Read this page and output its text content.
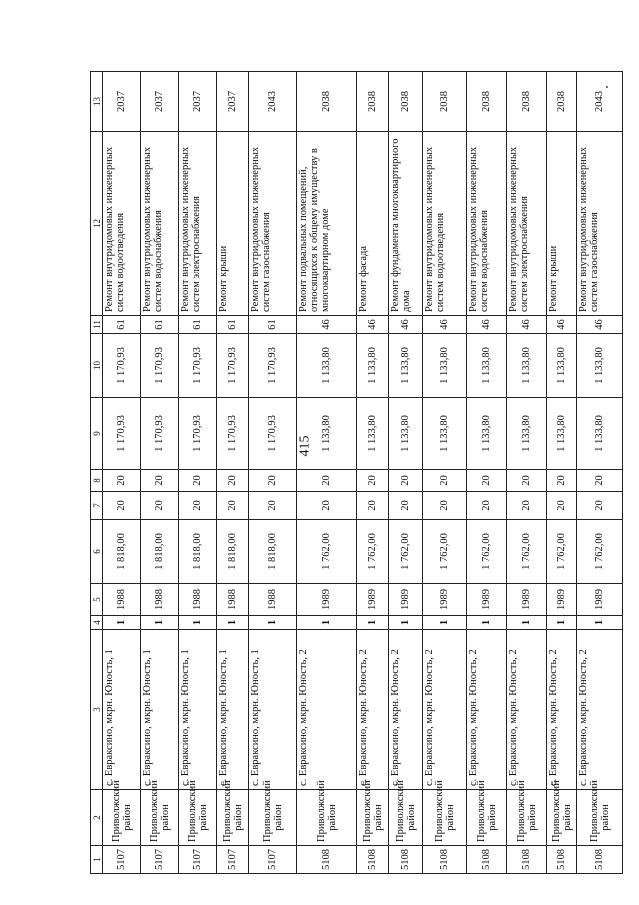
415
1	2	3	4	5	6	7	8	9	10	11	12	13
5107	Приволжский район	с. Евраксино, мкрн. Юность, 1	1	1988	1 818,00	20	20	1 170,93	1 170,93	61	Ремонт внутридомовых инженерных систем водоотведения	2037
5107	Приволжский район	с. Евраксино, мкрн. Юность, 1	1	1988	1 818,00	20	20	1 170,93	1 170,93	61	Ремонт внутридомовых инженерных систем водоснабжения	2037
5107	Приволжский район	с. Евраксино, мкрн. Юность, 1	1	1988	1 818,00	20	20	1 170,93	1 170,93	61	Ремонт внутридомовых инженерных систем электроснабжения	2037
5107	Приволжский район	с. Евраксино, мкрн. Юность, 1	1	1988	1 818,00	20	20	1 170,93	1 170,93	61	Ремонт крыши	2037
5107	Приволжский район	с. Евраксино, мкрн. Юность, 1	1	1988	1 818,00	20	20	1 170,93	1 170,93	61	Ремонт внутридомовых инженерных систем газоснабжения	2043
5108	Приволжский район	с. Евраксино, мкрн. Юность, 2	1	1989	1 762,00	20	20	1 133,80	1 133,80	46	Ремонт подвальных помещений, относящихся к общему имуществу в многоквартирном доме	2038
5108	Приволжский район	с. Евраксино, мкрн. Юность, 2	1	1989	1 762,00	20	20	1 133,80	1 133,80	46	Ремонт фасада	2038
5108	Приволжский район	с. Евраксино, мкрн. Юность, 2	1	1989	1 762,00	20	20	1 133,80	1 133,80	46	Ремонт фундамента многоквартирного дома	2038
5108	Приволжский район	с. Евраксино, мкрн. Юность, 2	1	1989	1 762,00	20	20	1 133,80	1 133,80	46	Ремонт внутридомовых инженерных систем водоотведения	2038
5108	Приволжский район	с. Евраксино, мкрн. Юность, 2	1	1989	1 762,00	20	20	1 133,80	1 133,80	46	Ремонт внутридомовых инженерных систем водоснабжения	2038
5108	Приволжский район	с. Евраксино, мкрн. Юность, 2	1	1989	1 762,00	20	20	1 133,80	1 133,80	46	Ремонт внутридомовых инженерных систем электроснабжения	2038
5108	Приволжский район	с. Евраксино, мкрн. Юность, 2	1	1989	1 762,00	20	20	1 133,80	1 133,80	46	Ремонт крыши	2038
5108	Приволжский район	с. Евраксино, мкрн. Юность, 2	1	1989	1 762,00	20	20	1 133,80	1 133,80	46	Ремонт внутридомовых инженерных систем газоснабжения	2043
